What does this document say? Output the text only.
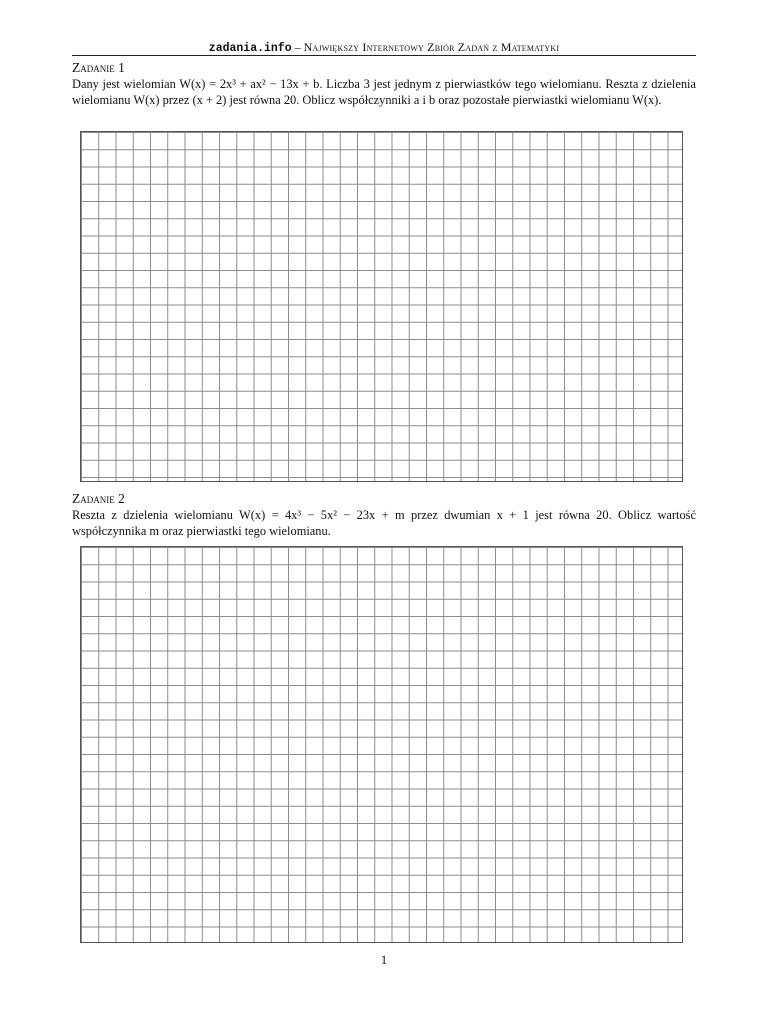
zadania.info – Największy Internetowy Zbiór Zadań z Matematyki
Zadanie 1
Dany jest wielomian W(x) = 2x³ + ax² − 13x + b. Liczba 3 jest jednym z pierwiastków tego wielomianu. Reszta z dzielenia wielomianu W(x) przez (x + 2) jest równa 20. Oblicz współczynniki a i b oraz pozostałe pierwiastki wielomianu W(x).
Zadanie 2
Reszta z dzielenia wielomianu W(x) = 4x³ − 5x² − 23x + m przez dwumian x + 1 jest równa 20. Oblicz wartość współczynnika m oraz pierwiastki tego wielomianu.
1
